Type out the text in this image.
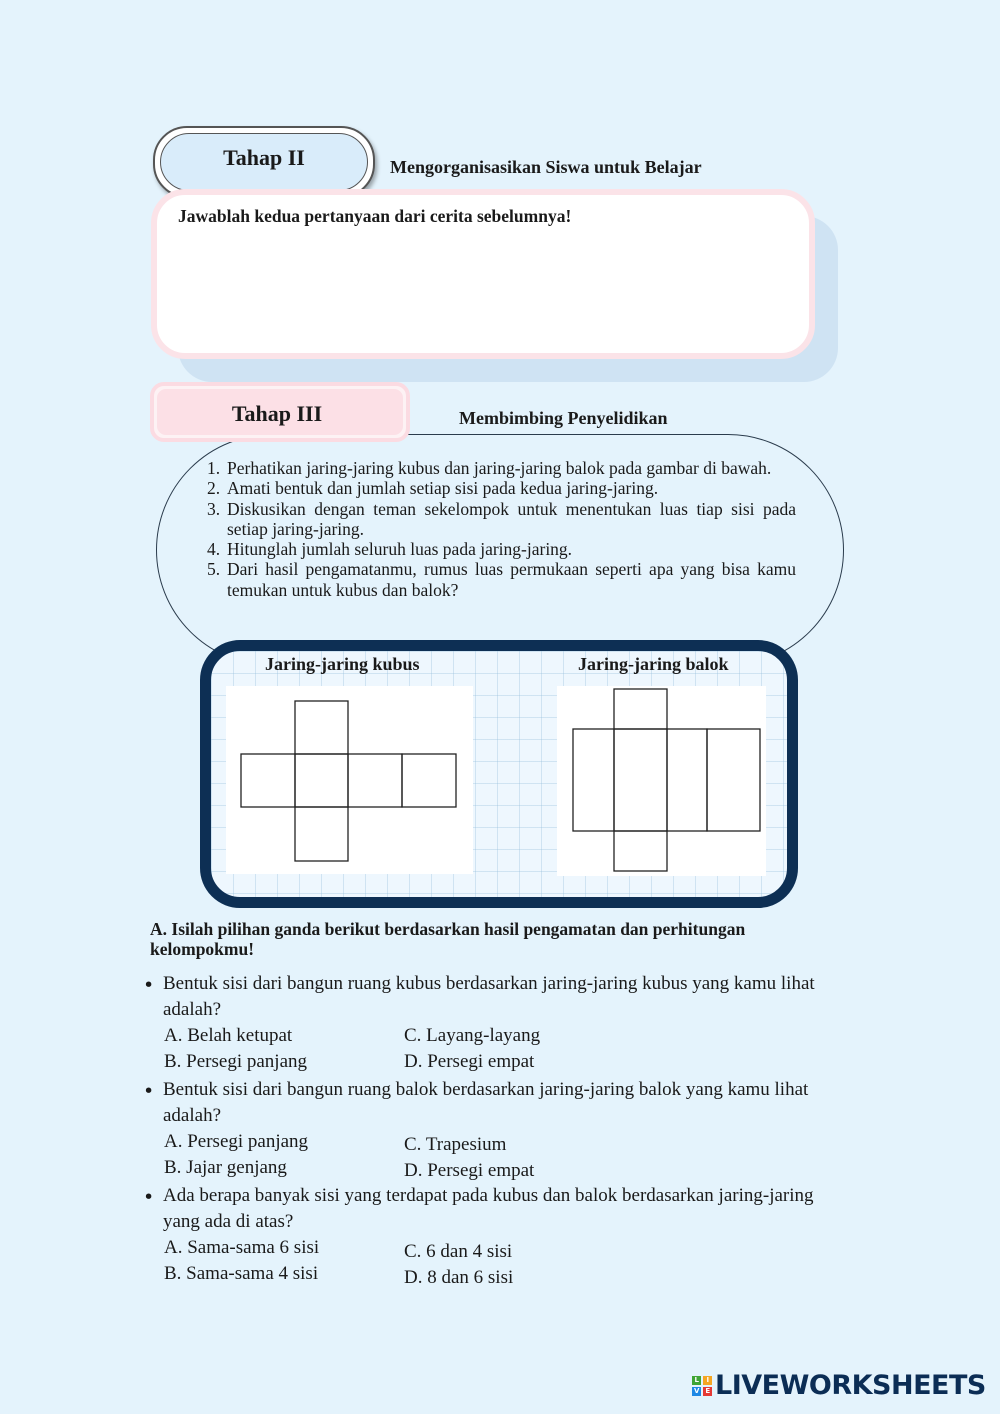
Tahap II	Mengorganisasikan Siswa untuk Belajar
Jawablah kedua pertanyaan dari cerita sebelumnya!
Tahap III	Membimbing Penyelidikan
1. Perhatikan jaring-jaring kubus dan jaring-jaring balok pada gambar di bawah.
2. Amati bentuk dan jumlah setiap sisi pada kedua jaring-jaring.
3. Diskusikan dengan teman sekelompok untuk menentukan luas tiap sisi pada setiap jaring-jaring.
4. Hitunglah jumlah seluruh luas pada jaring-jaring.
5. Dari hasil pengamatanmu, rumus luas permukaan seperti apa yang bisa kamu temukan untuk kubus dan balok?
Jaring-jaring kubus	Jaring-jaring balok
A. Isilah pilihan ganda berikut berdasarkan hasil pengamatan dan perhitungan kelompokmu!
• Bentuk sisi dari bangun ruang kubus berdasarkan jaring-jaring kubus yang kamu lihat adalah?
A. Belah ketupat
B. Persegi panjang
C. Layang-layang
D. Persegi empat
• Bentuk sisi dari bangun ruang balok berdasarkan jaring-jaring balok yang kamu lihat adalah?
A. Persegi panjang
B. Jajar genjang
C. Trapesium
D. Persegi empat
• Ada berapa banyak sisi yang terdapat pada kubus dan balok berdasarkan jaring-jaring yang ada di atas?
A. Sama-sama 6 sisi
B. Sama-sama 4 sisi
C. 6 dan 4 sisi
D. 8 dan 6 sisi
L	I
V E LIVEWORKSHEETS
